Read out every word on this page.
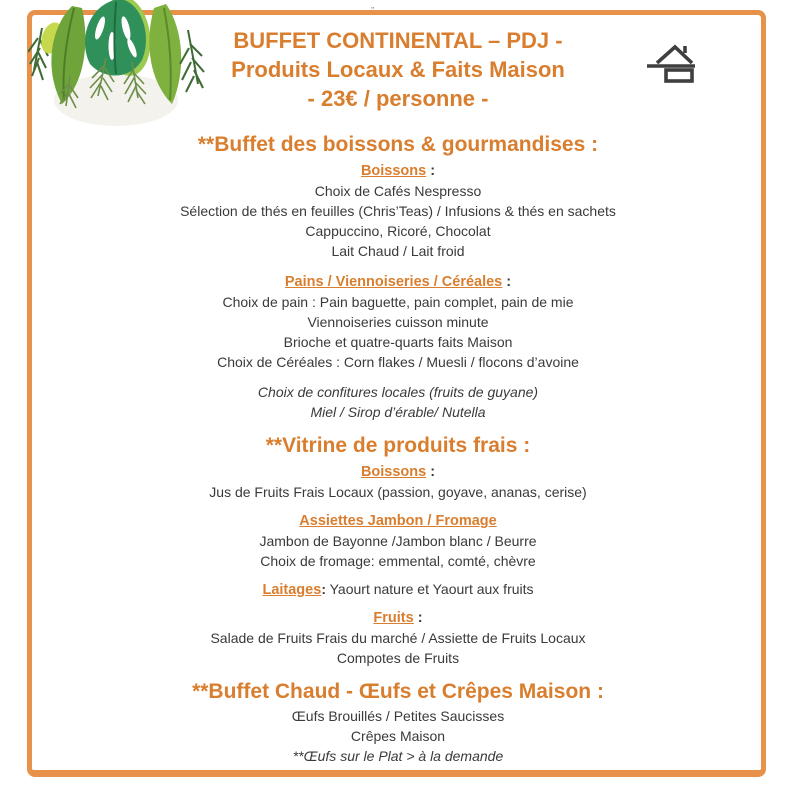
”
BUFFET CONTINENTAL – PDJ -
Produits Locaux & Faits Maison
- 23€ / personne -
**Buffet des boissons & gourmandises :
Boissons :
Choix de Cafés Nespresso
Sélection de thés en feuilles (Chris’Teas) / Infusions & thés en sachets
Cappuccino, Ricoré, Chocolat
Lait Chaud / Lait froid
Pains / Viennoiseries / Céréales :
Choix de pain : Pain baguette, pain complet, pain de mie
Viennoiseries cuisson minute
Brioche et quatre-quarts faits Maison
Choix de Céréales : Corn flakes / Muesli / flocons d’avoine
Choix de confitures locales (fruits de guyane)
Miel / Sirop d’érable/ Nutella
**Vitrine de produits frais :
Boissons :
Jus de Fruits Frais Locaux (passion, goyave, ananas, cerise)
Assiettes Jambon / Fromage
Jambon de Bayonne /Jambon blanc / Beurre
Choix de fromage: emmental, comté, chèvre
Laitages: Yaourt nature et Yaourt aux fruits
Fruits :
Salade de Fruits Frais du marché / Assiette de Fruits Locaux
Compotes de Fruits
**Buffet Chaud - Œufs et Crêpes Maison :
Œufs Brouillés / Petites Saucisses
Crêpes Maison
**Œufs sur le Plat > à la demande
